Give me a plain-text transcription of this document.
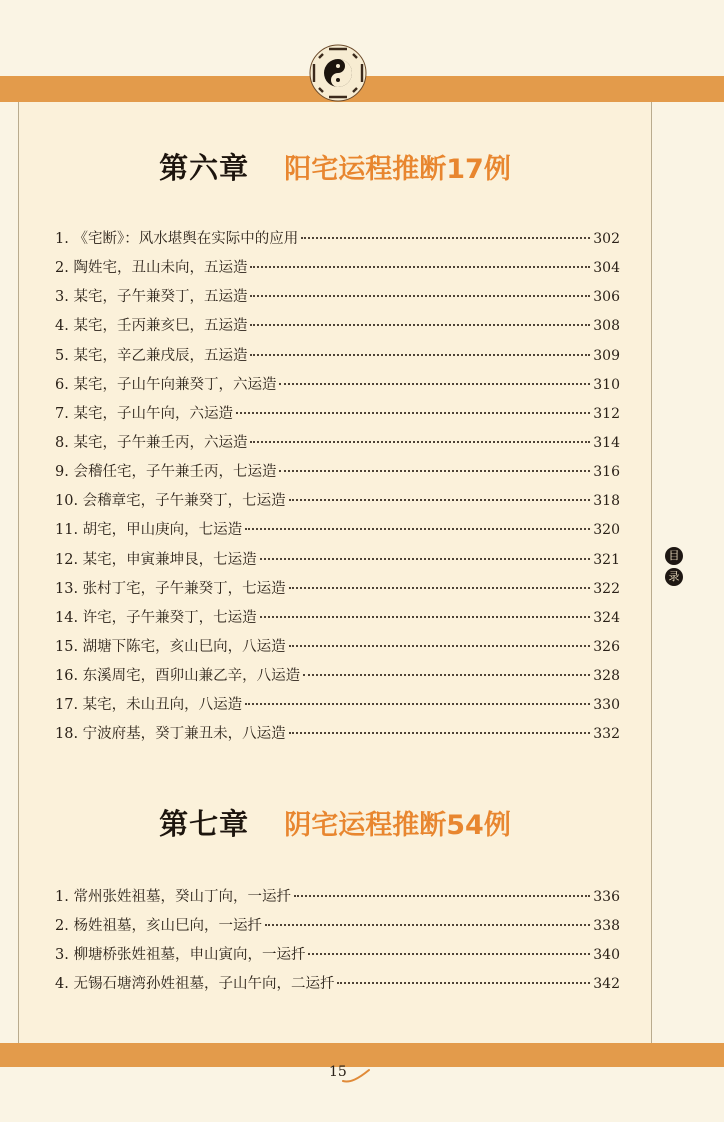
第六章 阳宅运程推断17例
1. 《宅断》：风水堪舆在实际中的应用	302
2. 陶姓宅，丑山未向，五运造	304
3. 某宅，子午兼癸丁，五运造	306
4. 某宅，壬丙兼亥巳，五运造	308
5. 某宅，辛乙兼戌辰，五运造	309
6. 某宅，子山午向兼癸丁，六运造	310
7. 某宅，子山午向，六运造	312
8. 某宅，子午兼壬丙，六运造	314
9. 会稽任宅，子午兼壬丙，七运造	316
10. 会稽章宅，子午兼癸丁，七运造	318
11. 胡宅，甲山庚向，七运造	320
12. 某宅，申寅兼坤艮，七运造	321
13. 张村丁宅，子午兼癸丁，七运造	322
14. 许宅，子午兼癸丁，七运造	324
15. 湖塘下陈宅，亥山巳向，八运造	326
16. 东溪周宅，酉卯山兼乙辛，八运造	328
17. 某宅，未山丑向，八运造	330
18. 宁波府基，癸丁兼丑未，八运造	332
第七章 阴宅运程推断54例
1. 常州张姓祖墓，癸山丁向，一运扦	336
2. 杨姓祖墓，亥山巳向，一运扦	338
3. 柳塘桥张姓祖墓，申山寅向，一运扦	340
4. 无锡石塘湾孙姓祖墓，子山午向，二运扦	342
目
录
15
